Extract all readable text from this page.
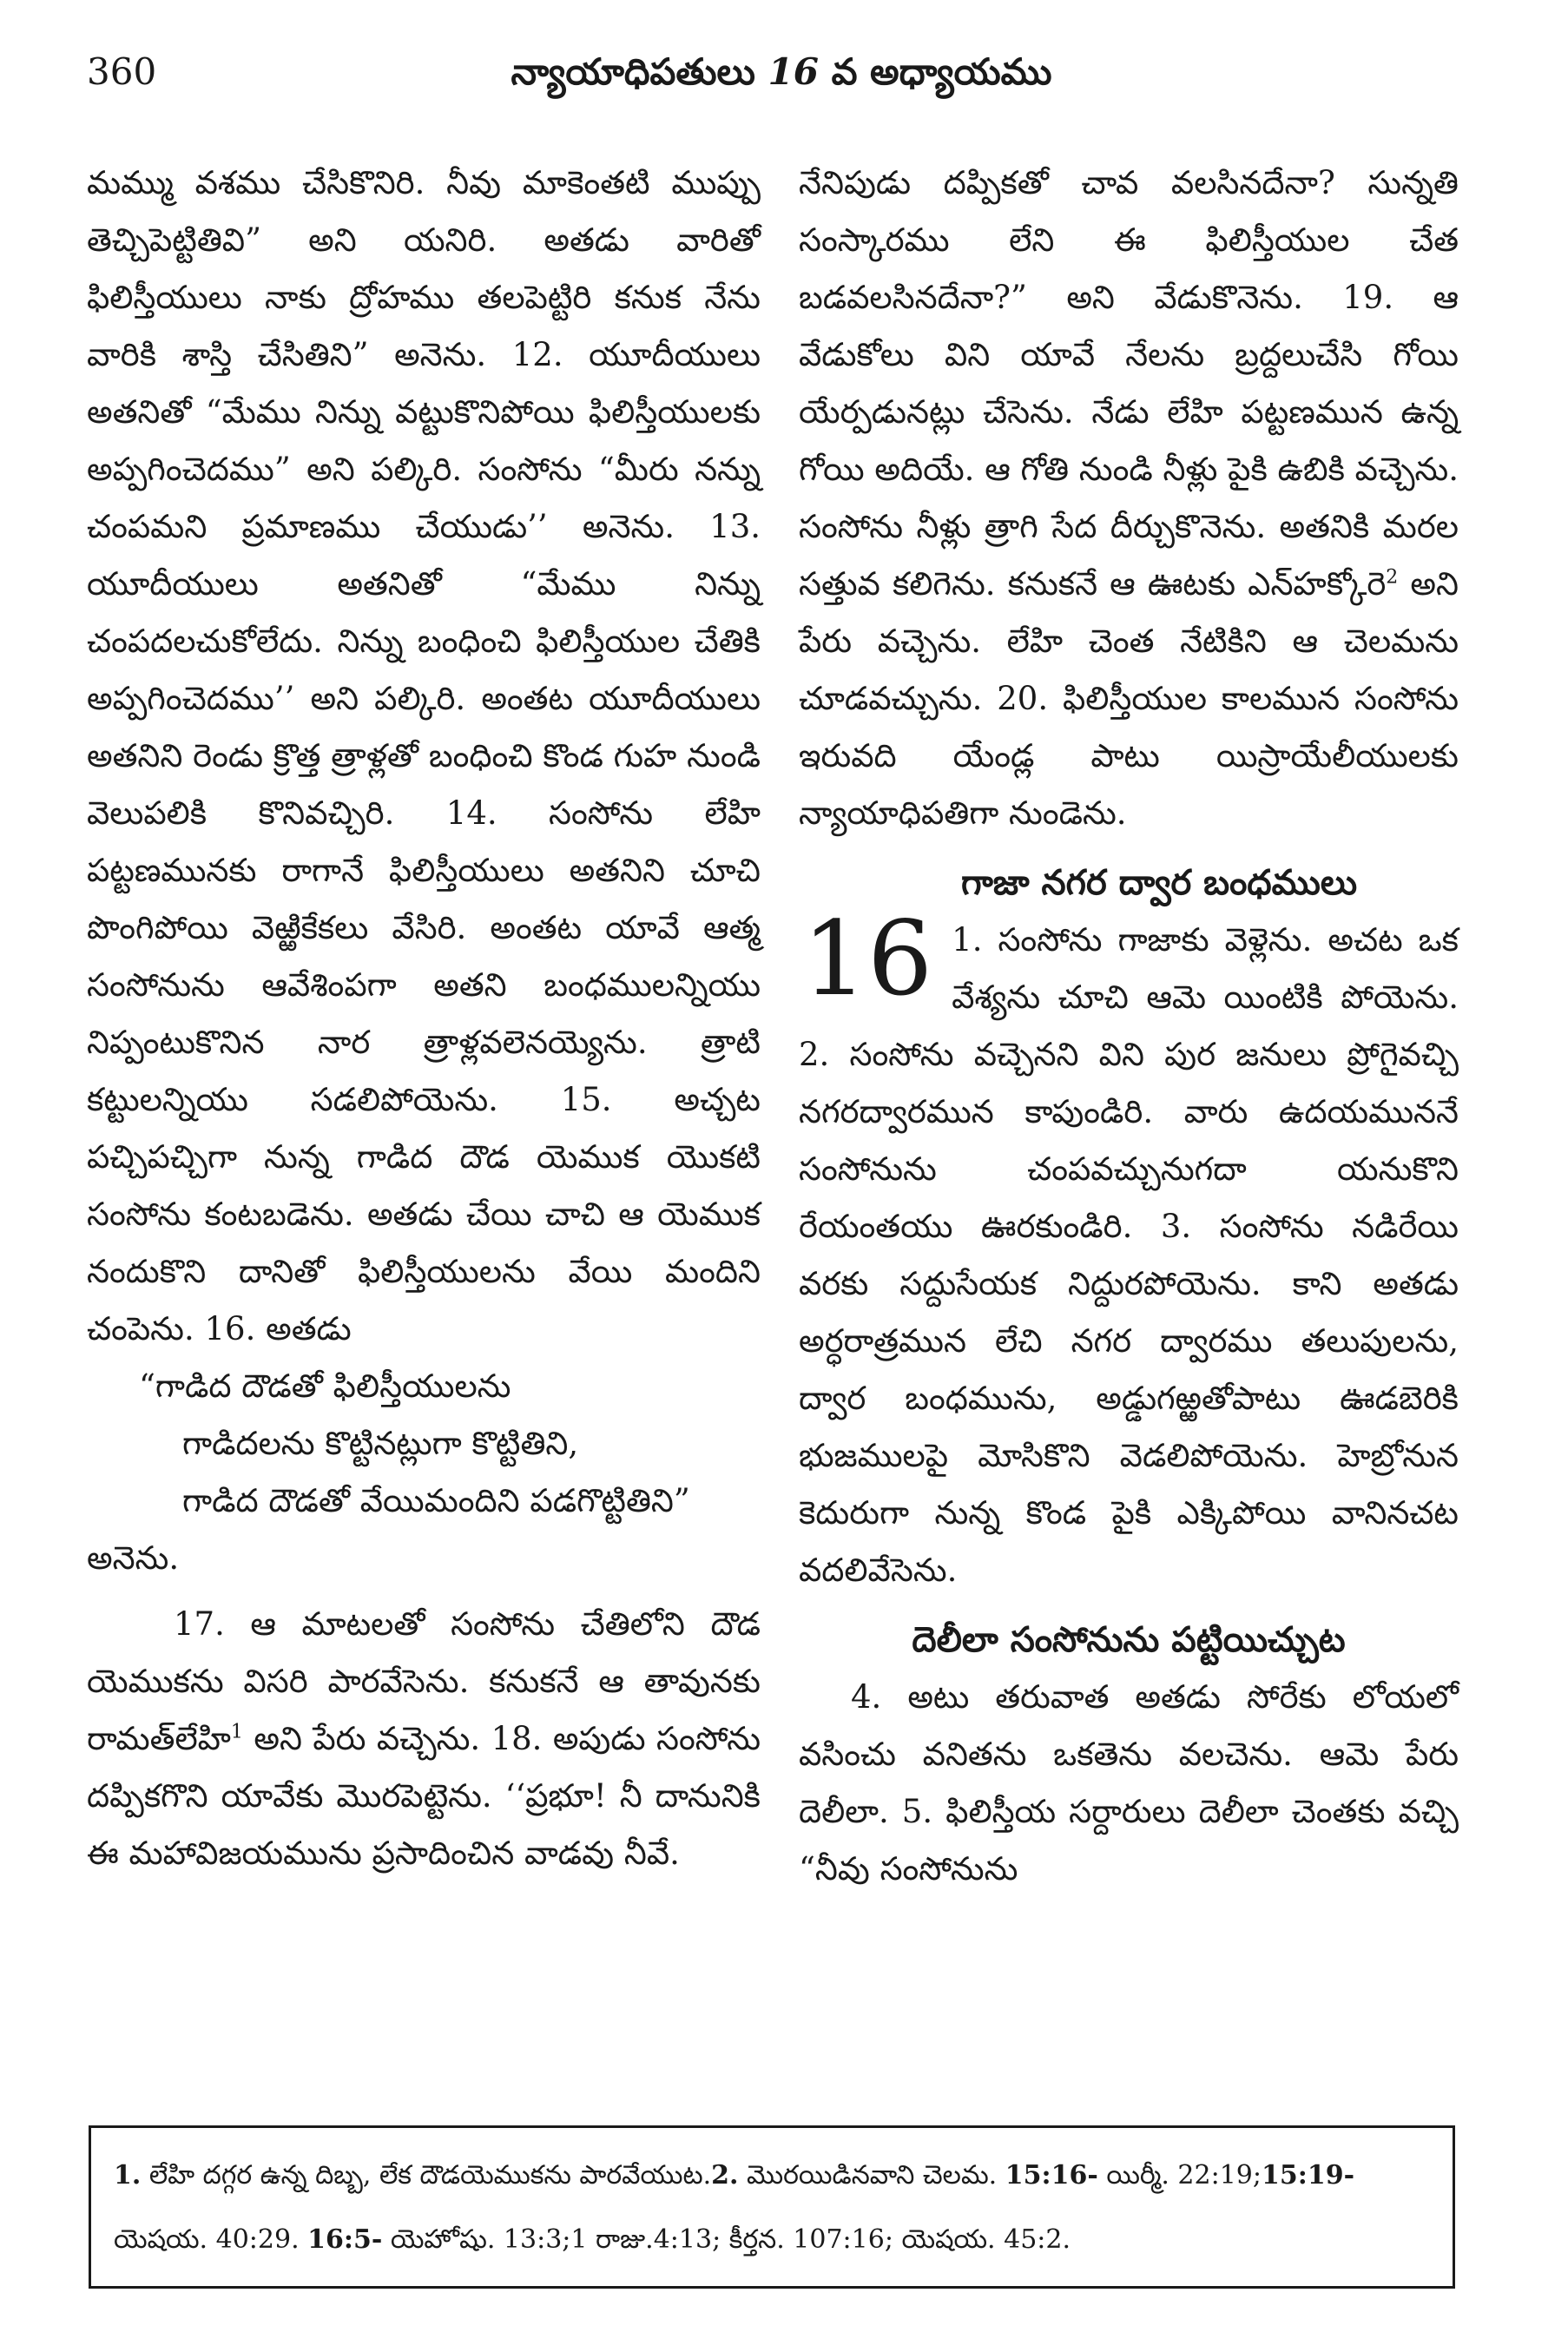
360	న్యాయాధిపతులు 16 వ అధ్యాయము

మమ్ము వశము చేసికొనిరి. నీవు మాకెంతటి ముప్పు తెచ్చిపెట్టితివి” అని యనిరి. అతడు వారితో ఫిలిస్తీయులు నాకు ద్రోహము తలపెట్టిరి కనుక నేను వారికి శాస్తి చేసితిని” అనెను. 12. యూదీయులు అతనితో “మేము నిన్ను వట్టుకొనిపోయి ఫిలిస్తీయులకు అప్పగించెదము” అని పల్కిరి. సంసోను “మీరు నన్ను చంపమని ప్రమాణము చేయుడు’’ అనెను. 13. యూదీయులు అతనితో “మేము నిన్ను చంపదలచుకోలేదు. నిన్ను బంధించి ఫిలిస్తీయుల చేతికి అప్పగించెదము’’ అని పల్కిరి. అంతట యూదీయులు అతనిని రెండు క్రొత్త త్రాళ్లతో బంధించి కొండ గుహ నుండి వెలుపలికి కొనివచ్చిరి. 14. సంసోను లేహి పట్టణమునకు రాగానే ఫిలిస్తీయులు అతనిని చూచి పొంగిపోయి వెఱ్ఱికేకలు వేసిరి. అంతట యావే ఆత్మ సంసోనును ఆవేశింపగా అతని బంధములన్నియు నిప్పంటుకొనిన నార త్రాళ్లవలెనయ్యెను. త్రాటి కట్టులన్నియు సడలిపోయెను. 15. అచ్చట పచ్చిపచ్చిగా నున్న గాడిద దౌడ యెముక యొకటి సంసోను కంటబడెను. అతడు చేయి చాచి ఆ యెముక నందుకొని దానితో ఫిలిస్తీయులను వేయి మందిని చంపెను. 16. అతడు

“గాడిద దౌడతో ఫిలిస్తీయులను
గాడిదలను కొట్టినట్లుగా కొట్టితిని,
గాడిద దౌడతో వేయిమందిని పడగొట్టితిని”

అనెను.

17. ఆ మాటలతో సంసోను చేతిలోని దౌడ యెముకను విసరి పారవేసెను. కనుకనే ఆ తావునకు రామత్‌లేహి$^1$ అని పేరు వచ్చెను. 18. అపుడు సంసోను దప్పికగొని యావేకు మొరపెట్టెను. ‘‘ప్రభూ! నీ దానునికి ఈ మహావిజయమును ప్రసాదించిన వాడవు నీవే.

నేనిపుడు దప్పికతో చావ వలసినదేనా? సున్నతి సంస్కారము లేని ఈ ఫిలిస్తీయుల చేత బడవలసినదేనా?” అని వేడుకొనెను. 19. ఆ వేడుకోలు విని యావే నేలను బ్రద్దలుచేసి గోయి యేర్పడునట్లు చేసెను. నేడు లేహి పట్టణమున ఉన్న గోయి అదియే. ఆ గోతి నుండి నీళ్లు పైకి ఉబికి వచ్చెను. సంసోను నీళ్లు త్రాగి సేద దీర్చుకొనెను. అతనికి మరల సత్తువ కలిగెను. కనుకనే ఆ ఊటకు ఎన్‌హక్కోరె$^2$ అని పేరు వచ్చెను. లేహి చెంత నేటికిని ఆ చెలమను చూడవచ్చును. 20. ఫిలిస్తీయుల కాలమున సంసోను ఇరువది యేండ్ల పాటు యిస్రాయేలీయులకు న్యాయాధిపతిగా నుండెను.

గాజా నగర ద్వార బంధములు
16 1. సంసోను గాజాకు వెళ్లెను. అచట ఒక వేశ్యను చూచి ఆమె యింటికి పోయెను. 2. సంసోను వచ్చెనని విని పుర జనులు ప్రోగైవచ్చి నగరద్వారమున కాపుండిరి. వారు ఉదయముననే సంసోనును చంపవచ్చునుగదా యనుకొని రేయంతయు ఊరకుండిరి. 3. సంసోను నడిరేయి వరకు సద్దుసేయక నిద్దురపోయెను. కాని అతడు అర్ధరాత్రమున లేచి నగర ద్వారము తలుపులను, ద్వార బంధమును, అడ్డుగఱ్ఱతోపాటు ఊడబెరికి భుజములపై మోసికొని వెడలిపోయెను. హెబ్రోనున కెదురుగా నున్న కొండ పైకి ఎక్కిపోయి వానినచట వదలివేసెను.

దెలీలా సంసోనును పట్టియిచ్చుట

4. అటు తరువాత అతడు సోరేకు లోయలో వసించు వనితను ఒకతెను వలచెను. ఆమె పేరు దెలీలా. 5. ఫిలిస్తీయ సర్దారులు దెలీలా చెంతకు వచ్చి “నీవు సంసోనును

1. లేహి దగ్గర ఉన్న దిబ్బ, లేక దౌడయెముకను పారవేయుట.2. మొరయిడినవాని చెలమ. 15:16- యిర్మీ. 22:19;15:19- యెషయ. 40:29. 16:5- యెహోషు. 13:3;1 రాజు.4:13; కీర్తన. 107:16; యెషయ. 45:2.
